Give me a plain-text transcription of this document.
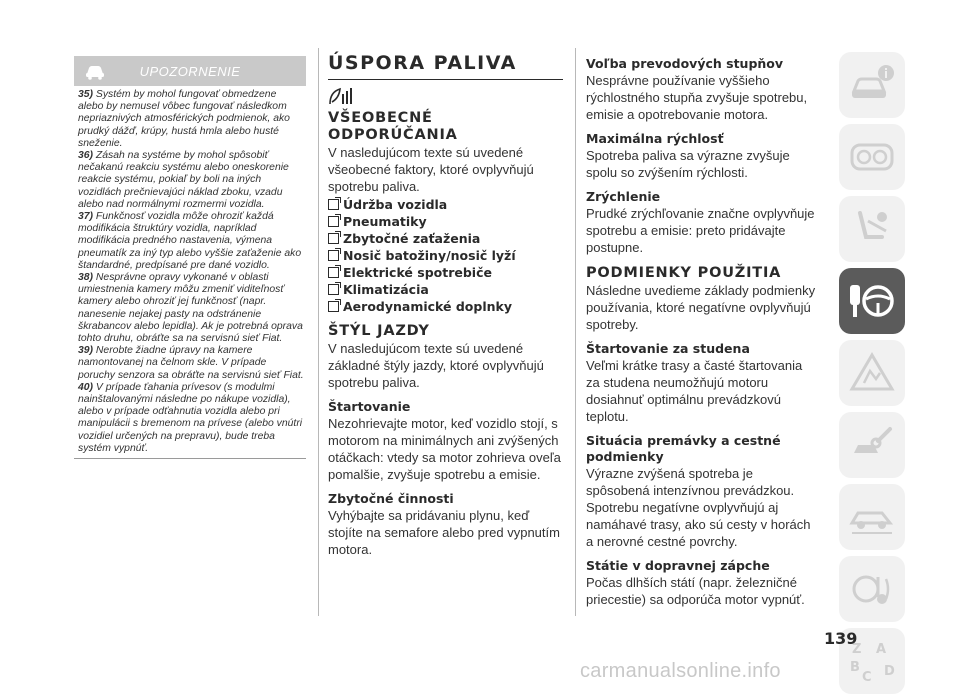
UPOZORNENIE

35) Systém by mohol fungovať obmedzene alebo by nemusel vôbec fungovať následkom nepriaznivých atmosférických podmienok, ako prudký dážď, krúpy, hustá hmla alebo husté sneženie.

36) Zásah na systéme by mohol spôsobiť nečakanú reakciu systému alebo oneskorenie reakcie systému, pokiaľ by boli na iných vozidlách prečnievajúci náklad zboku, vzadu alebo nad normálnymi rozmermi vozidla.

37) Funkčnosť vozidla môže ohroziť každá modifikácia štruktúry vozidla, napríklad modifikácia predného nastavenia, výmena pneumatík za iný typ alebo vyššie zaťaženie ako štandardné, predpísané pre dané vozidlo.

38) Nesprávne opravy vykonané v oblasti umiestnenia kamery môžu zmeniť viditeľnosť kamery alebo ohroziť jej funkčnosť (napr. nanesenie nejakej pasty na odstránenie škrabancov alebo lepidla). Ak je potrebná oprava tohto druhu, obráťte sa na servisnú sieť Fiat.

39) Nerobte žiadne úpravy na kamere namontovanej na čelnom skle. V prípade poruchy senzora sa obráťte na servisnú sieť Fiat.

40) V prípade ťahania prívesov (s modulmi nainštalovanými následne po nákupe vozidla), alebo v prípade odťahnutia vozidla alebo pri manipulácii s bremenom na prívese (alebo vnútri vozidiel určených na prepravu), bude treba systém vypnúť.

ÚSPORA PALIVA
VŠEOBECNÉ ODPORÚČANIA

V nasledujúcom texte sú uvedené všeobecné faktory, ktoré ovplyvňujú spotrebu paliva.

Údržba vozidla
Pneumatiky
Zbytočné zaťaženia
Nosič batožiny/nosič lyží
Elektrické spotrebiče
Klimatizácia
Aerodynamické doplnky
ŠTÝL JAZDY

V nasledujúcom texte sú uvedené základné štýly jazdy, ktoré ovplyvňujú spotrebu paliva.

Štartovanie

Nezohrievajte motor, keď vozidlo stojí, s motorom na minimálnych ani zvýšených otáčkach: vtedy sa motor zohrieva oveľa pomalšie, zvyšuje spotrebu a emisie.

Zbytočné činnosti

Vyhýbajte sa pridávaniu plynu, keď stojíte na semafore alebo pred vypnutím motora.

Voľba prevodových stupňov

Nesprávne používanie vyššieho rýchlostného stupňa zvyšuje spotrebu, emisie a opotrebovanie motora.

Maximálna rýchlosť

Spotreba paliva sa výrazne zvyšuje spolu so zvýšením rýchlosti.

Zrýchlenie

Prudké zrýchľovanie značne ovplyvňuje spotrebu a emisie: preto pridávajte postupne.

PODMIENKY POUŽITIA

Následne uvedieme základy podmienky používania, ktoré negatívne ovplyvňujú spotreby.

Štartovanie za studena

Veľmi krátke trasy a časté štartovania za studena neumožňujú motoru dosiahnuť optimálnu prevádzkovú teplotu.

Situácia premávky a cestné podmienky

Výrazne zvýšená spotreba je spôsobená intenzívnou prevádzkou. Spotrebu negatívne ovplyvňujú aj namáhavé trasy, ako sú cesty v horách a nerovné cestné povrchy.

Státie v dopravnej zápche

Počas dlhších státí (napr. železničné priecestie) sa odporúča motor vypnúť.

Z A
B
C D
139
carmanualsonline.info
